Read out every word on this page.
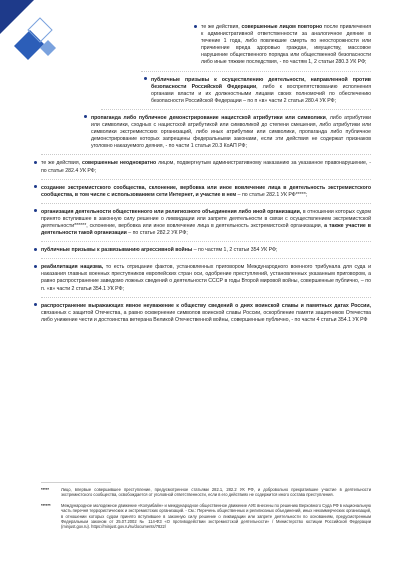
те же действия, совершенные лицом повторно после привлечения к административной ответственности за аналогичное деяние в течение 1 года, либо повлекшие смерть по неосторожности или причинение вреда здоровью граждан, имуществу, массовое нарушение общественного порядка или общественной безопасности либо иные тяжкие последствия, - по частям 1, 2 статьи 280.3 УК РФ;
публичные призывы к осуществлению деятельности, направленной против безопасности Российской Федерации, либо к воспрепятствованию исполнения органами власти и их должностными лицами своих полномочий по обеспечению безопасности Российской Федерации – по п «в» части 2 статьи 280.4 УК РФ;
пропаганда либо публичное демонстрирование нацистской атрибутики или символики, либо атрибутики или символики, сходных с нацистской атрибутикой или символикой до степени смешения, либо атрибутики или символики экстремистских организаций, либо иных атрибутики или символики, пропаганда либо публичное демонстрирование которых запрещены федеральными законами, если эти действия не содержат признаков уголовно наказуемого деяния, - по части 1 статьи 20.3 КоАП РФ;
те же действия, совершенные неоднократно лицом, подвергнутым административному наказанию за указанное правонарушение, - по статье 282.4 УК РФ;
создание экстремистского сообщества, склонение, вербовка или иное вовлечение лица в деятельность экстремистского сообщества, в том числе с использованием сети Интернет, и участие в нем – по статье 282.1 УК РФ*****;
организация деятельности общественного или религиозного объединения либо иной организации, в отношении которых судом принято вступившее в законную силу решение о ликвидации или запрете деятельности в связи с осуществлением экстремистской деятельности******, склонение, вербовка или иное вовлечение лица в деятельность экстремистской организации, а также участие в деятельности такой организации – по статье 282.2 УК РФ;
публичные призывы к развязыванию агрессивной войны – по частям 1, 2 статьи 354 УК РФ;
реабилитация нацизма, то есть отрицание фактов, установленных приговором Международного военного трибунала для суда и наказания главных военных преступников европейских стран оси, одобрение преступлений, установленных указанным приговором, а равно распространение заведомо ложных сведений о деятельности СССР в годы Второй мировой войны, совершенные публично, – по п. «в» части 2 статьи 354.1 УК РФ;
распространение выражающих явное неуважение к обществу сведений о днях воинской славы и памятных датах России, связанных с защитой Отечества, а равно осквернение символов воинской славы России, оскорбление памяти защитников Отечества либо унижение чести и достоинства ветерана Великой Отечественной войны, совершенные публично, - по части 4 статьи 354.1 УК РФ
*****	Лицо, впервые совершившее преступление, предусмотренное статьями 282.1, 282.2 УК РФ, и добровольно прекратившее участие в деятельности экстремистского сообщества, освобождается от уголовной ответственности, если в его действиях не содержится иного состава преступления.
******	Международное молодежное движение «Колумбайн» и международное общественное движение АУЕ внесены по решению Верховного Суда РФ в национальную часть перечня террористических и экстремистских организаций. - См.: Перечень общественных и религиозных объединений, иных некоммерческих организаций, в отношении которых судом принято вступившее в законную силу решение о ликвидации или запрете деятельности по основаниям, предусмотренным Федеральным законом от 25.07.2002 № 114-ФЗ «О противодействии экстремистской деятельности» / Министерство юстиции Российской Федерации (minjust.gov.ru). https://minjust.gov.ru/ru/documents/7822/
